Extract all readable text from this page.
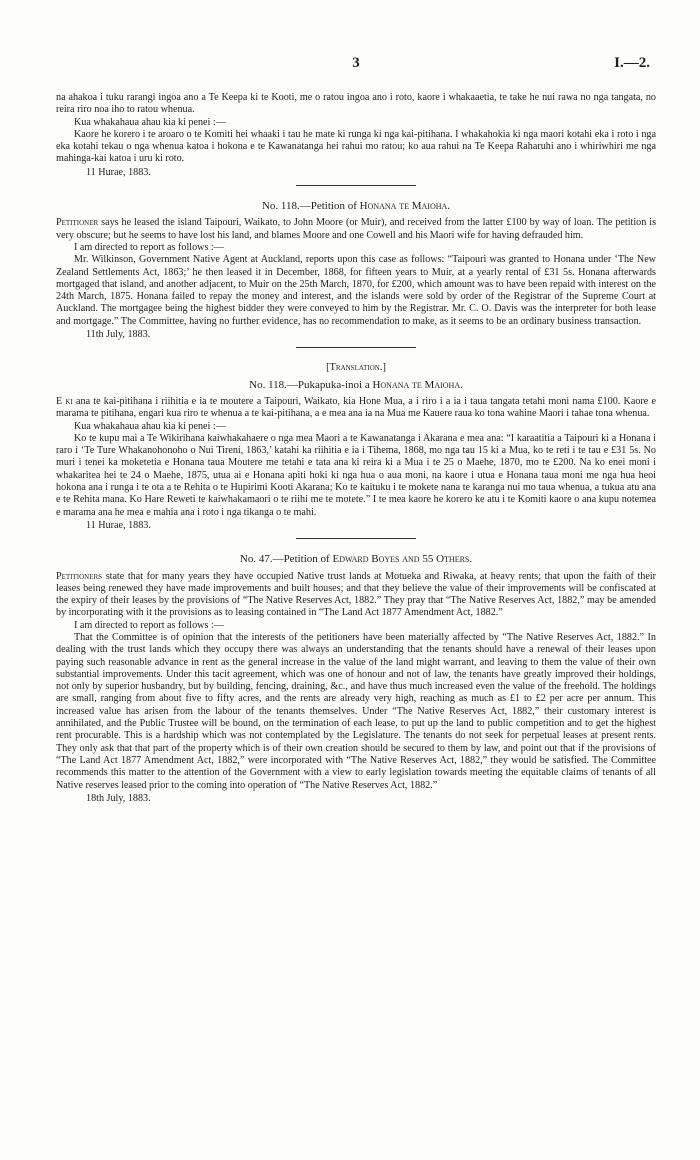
3	I.—2.

na ahakoa i tuku rarangi ingoa ano a Te Keepa ki te Kooti, me o ratou ingoa ano i roto, kaore i whakaaetia, te take he nui rawa no nga tangata, no reira riro noa iho to ratou whenua.

Kua whakahaua ahau kia ki penei :—

Kaore he korero i te aroaro o te Komiti hei whaaki i tau he mate ki runga ki nga kai-pitihana. I whakahokia ki nga maori kotahi eka i roto i nga eka kotahi tekau o nga whenua katoa i hokona e te Kawanatanga hei rahui mo ratou; ko aua rahui na Te Keepa Raharuhi ano i whiriwhiri me nga mahinga-kai katoa i uru ki roto.

11 Hurae, 1883.

No. 118.—Petition of Honana te Maioha.

Petitioner says he leased the island Taipouri, Waikato, to John Moore (or Muir), and received from the latter £100 by way of loan. The petition is very obscure; but he seems to have lost his land, and blames Moore and one Cowell and his Maori wife for having defrauded him.

I am directed to report as follows :—

Mr. Wilkinson, Government Native Agent at Auckland, reports upon this case as follows: “Taipouri was granted to Honana under ‘The New Zealand Settlements Act, 1863;’ he then leased it in December, 1868, for fifteen years to Muir, at a yearly rental of £31 5s. Honana afterwards mortgaged that island, and another adjacent, to Muir on the 25th March, 1870, for £200, which amount was to have been repaid with interest on the 24th March, 1875. Honana failed to repay the money and interest, and the islands were sold by order of the Registrar of the Supreme Court at Auckland. The mortgagee being the highest bidder they were conveyed to him by the Registrar. Mr. C. O. Davis was the interpreter for both lease and mortgage.” The Committee, having no further evidence, has no recommendation to make, as it seems to be an ordinary business transaction.

11th July, 1883.

[Translation.]

No. 118.—Pukapuka-inoi a Honana te Maioha.

E ki ana te kai-pitihana i riihitia e ia te moutere a Taipouri, Waikato, kia Hone Mua, a i riro i a ia i taua tangata tetahi moni nama £100. Kaore e marama te pitihana, engari kua riro te whenua a te kai-pitihana, a e mea ana ia na Mua me Kauere raua ko tona wahine Maori i tahae tona whenua.

Kua whakahaua ahau kia ki penei :—

Ko te kupu mai a Te Wikirihana kaiwhakahaere o nga mea Maori a te Kawanatanga i Akarana e mea ana: “I karaatitia a Taipouri ki a Honana i raro i ‘Te Ture Whakanohonoho o Nui Tireni, 1863,’ katahi ka riihitia e ia i Tihema, 1868, mo nga tau 15 ki a Mua, ko te reti i te tau e £31 5s. No muri i tenei ka moketetia e Honana taua Moutere me tetahi e tata ana ki reira ki a Mua i te 25 o Maehe, 1870, mo te £200. Na ko enei moni i whakaritea hei te 24 o Maehe, 1875, utua ai e Honana apiti hoki ki nga hua o aua moni, na kaore i utua e Honana taua moni me nga hua heoi hokona ana i runga i te ota a te Rehita o te Hupirimi Kooti Akarana; Ko te kaituku i te mokete nana te karanga nui mo taua whenua, a tukua atu ana e te Rehita mana. Ko Hare Reweti te kaiwhakamaori o te riihi me te motete.” I te mea kaore he korero ke atu i te Komiti kaore o ana kupu notemea e marama ana he mea e mahia ana i roto i nga tikanga o te mahi.

11 Hurae, 1883.

No. 47.—Petition of Edward Boyes and 55 Others.

Petitioners state that for many years they have occupied Native trust lands at Motueka and Riwaka, at heavy rents; that upon the faith of their leases being renewed they have made improvements and built houses; and that they believe the value of their improvements will be confiscated at the expiry of their leases by the provisions of “The Native Reserves Act, 1882.” They pray that “The Native Reserves Act, 1882,” may be amended by incorporating with it the provisions as to leasing contained in “The Land Act 1877 Amendment Act, 1882.”

I am directed to report as follows :—

That the Committee is of opinion that the interests of the petitioners have been materially affected by “The Native Reserves Act, 1882.” In dealing with the trust lands which they occupy there was always an understanding that the tenants should have a renewal of their leases upon paying such reasonable advance in rent as the general increase in the value of the land might warrant, and leaving to them the value of their own substantial improvements. Under this tacit agreement, which was one of honour and not of law, the tenants have greatly improved their holdings, not only by superior husbandry, but by building, fencing, draining, &c., and have thus much increased even the value of the freehold. The holdings are small, ranging from about five to fifty acres, and the rents are already very high, reaching as much as £1 to £2 per acre per annum. This increased value has arisen from the labour of the tenants themselves. Under “The Native Reserves Act, 1882,” their customary interest is annihilated, and the Public Trustee will be bound, on the termination of each lease, to put up the land to public competition and to get the highest rent procurable. This is a hardship which was not contemplated by the Legislature. The tenants do not seek for perpetual leases at present rents. They only ask that that part of the property which is of their own creation should be secured to them by law, and point out that if the provisions of “The Land Act 1877 Amendment Act, 1882,” were incorporated with “The Native Reserves Act, 1882,” they would be satisfied. The Committee recommends this matter to the attention of the Government with a view to early legislation towards meeting the equitable claims of tenants of all Native reserves leased prior to the coming into operation of “The Native Reserves Act, 1882.”

18th July, 1883.
